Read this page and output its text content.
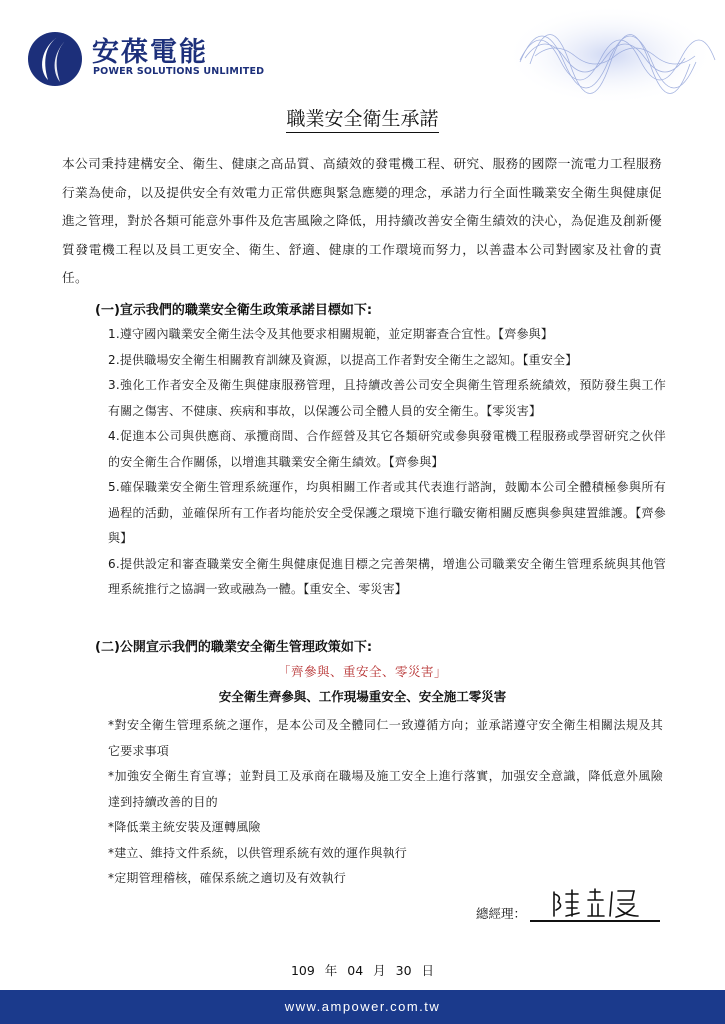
安葆電能
POWER SOLUTIONS UNLIMITED
職業安全衛生承諾
本公司秉持建構安全、衛生、健康之高品質、高績效的發電機工程、研究、服務的國際一流電力工程服務行業為使命，以及提供安全有效電力正常供應與緊急應變的理念，承諾力行全面性職業安全衛生與健康促進之管理，對於各類可能意外事件及危害風險之降低，用持續改善安全衛生績效的決心，為促進及創新優質發電機工程以及員工更安全、衛生、舒適、健康的工作環境而努力，以善盡本公司對國家及社會的責任。
(一)宣示我們的職業安全衛生政策承諾目標如下:
1.遵守國內職業安全衛生法令及其他要求相關規範，並定期審查合宜性。【齊參與】
2.提供職場安全衛生相關教育訓練及資源，以提高工作者對安全衛生之認知。【重安全】
3.強化工作者安全及衛生與健康服務管理，且持續改善公司安全與衛生管理系統績效，預防發生與工作有關之傷害、不健康、疾病和事故，以保護公司全體人員的安全衛生。【零災害】
4.促進本公司與供應商、承攬商間、合作經營及其它各類研究或參與發電機工程服務或學習研究之伙伴的安全衛生合作關係，以增進其職業安全衛生績效。【齊參與】
5.確保職業安全衛生管理系統運作，均與相關工作者或其代表進行諮詢，鼓勵本公司全體積極參與所有過程的活動，並確保所有工作者均能於安全受保護之環境下進行職安衛相關反應與參與建置維護。【齊參與】
6.提供設定和審查職業安全衛生與健康促進目標之完善架構，增進公司職業安全衛生管理系統與其他管理系統推行之協調一致或融為一體。【重安全、零災害】
(二)公開宣示我們的職業安全衛生管理政策如下:
「齊參與、重安全、零災害」
安全衛生齊參與、工作現場重安全、安全施工零災害
*對安全衛生管理系統之運作，是本公司及全體同仁一致遵循方向；並承諾遵守安全衛生相關法規及其它要求事項
*加強安全衛生育宣導；並對員工及承商在職場及施工安全上進行落實，加强安全意識，降低意外風險達到持續改善的目的
*降低業主統安裝及運轉風險
*建立、維持文件系統，以供管理系統有效的運作與執行
*定期管理稽核，確保系統之適切及有效執行
總經理：
109 年 04 月 30 日
www.ampower.com.tw
